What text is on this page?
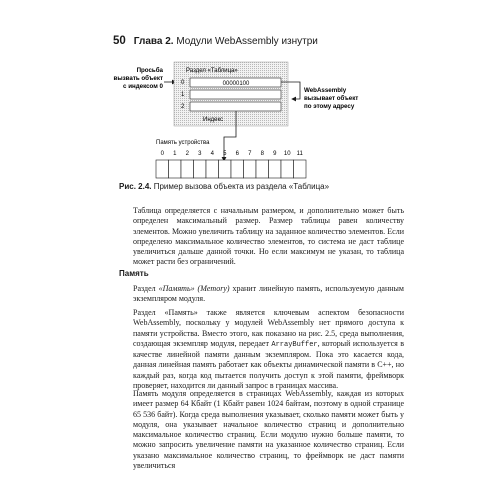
50 Глава 2. Модули WebAssembly изнутри
Просьба
вызвать объект
с индексом 0
Раздел «Таблица»
0	00000100
1
2
Индекс
WebAssembly
вызывает объект
по этому адресу
Память устройства
0 1 2 3 4 5 6 7 8 9 10 11
Рис. 2.4. Пример вызова объекта из раздела «Таблица»

Таблица определяется с начальным размером, и дополнительно может быть определен максимальный размер. Размер таблицы равен количеству элементов. Можно увеличить таблицу на заданное количество элементов. Если определено максимальное количество элементов, то система не даст таблице увеличиться дальше данной точки. Но если максимум не указан, то таблица может расти без ограничений.

Память

Раздел «Память» (Memory) хранит линейную память, используемую данным экземпляром модуля.

Раздел «Память» также является ключевым аспектом безопасности WebAssembly, поскольку у модулей WebAssembly нет прямого доступа к памяти устройства. Вместо этого, как показано на рис. 2.5, среда выполнения, создающая экземпляр модуля, передает ArrayBuffer, который используется в качестве линейной памяти данным экземпляром. Пока это касается кода, данная линейная память работает как объекты динамической памяти в C++, но каждый раз, когда код пытается получить доступ к этой памяти, фреймворк проверяет, находится ли данный запрос в границах массива.

Память модуля определяется в страницах WebAssembly, каждая из которых имеет размер 64 Кбайт (1 Кбайт равен 1024 байтам, поэтому в одной странице 65 536 байт). Когда среда выполнения указывает, сколько памяти может быть у модуля, она указывает начальное количество страниц и дополнительно максимальное количество страниц. Если модулю нужно больше памяти, то можно запросить увеличение памяти на указанное количество страниц. Если указано максимальное количество страниц, то фреймворк не даст памяти увеличиться
